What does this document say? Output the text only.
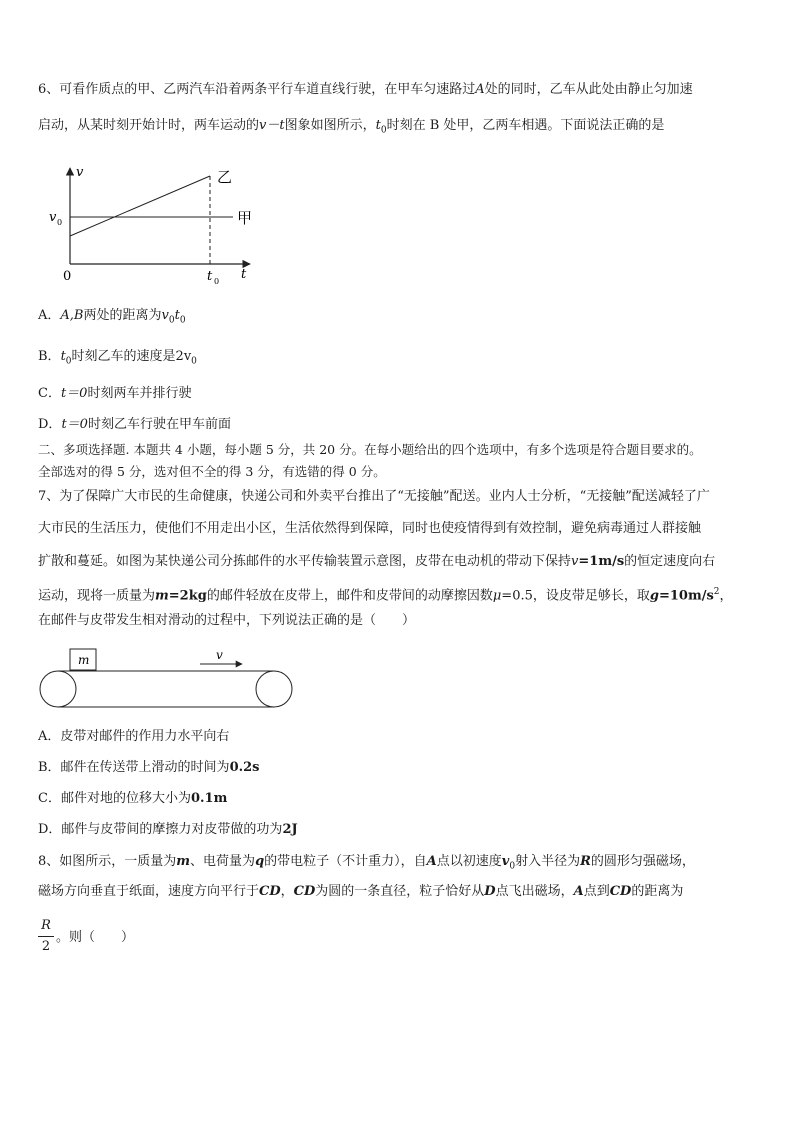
6、可看作质点的甲、乙两汽车沿着两条平行车道直线行驶，在甲车匀速路过A处的同时，乙车从此处由静止匀加速
启动，从某时刻开始计时，两车运动的v－t图象如图所示，$t_0$时刻在 B 处甲，乙两车相遇。下面说法正确的是
v
t
0
v 0
t 0
乙
甲
A．A,B两处的距离为$v_0t_0$
B．$t_0$时刻乙车的速度是$2v_0$
C．t＝0时刻两车并排行驶
D．t＝0时刻乙车行驶在甲车前面
二、多项选择题. 本题共 4 小题，每小题 5 分，共 20 分。在每小题给出的四个选项中，有多个选项是符合题目要求的。
全部选对的得 5 分，选对但不全的得 3 分，有选错的得 0 分。
7、为了保障广大市民的生命健康，快递公司和外卖平台推出了“无接触”配送。业内人士分析，“无接触”配送减轻了广
大市民的生活压力，使他们不用走出小区，生活依然得到保障，同时也使疫情得到有效控制，避免病毒通过人群接触
扩散和蔓延。如图为某快递公司分拣邮件的水平传输装置示意图，皮带在电动机的带动下保持v=1m/s的恒定速度向右
运动，现将一质量为m=2kg的邮件轻放在皮带上，邮件和皮带间的动摩擦因数μ=0.5，设皮带足够长，取$g=10m/s^2$，
在邮件与皮带发生相对滑动的过程中，下列说法正确的是（　　）
m	v
A．皮带对邮件的作用力水平向右
B．邮件在传送带上滑动的时间为0.2s
C．邮件对地的位移大小为0.1m
D．邮件与皮带间的摩擦力对皮带做的功为2J
8、如图所示，一质量为m、电荷量为q的带电粒子（不计重力），自A点以初速度$v_0$射入半径为R的圆形匀强磁场，
磁场方向垂直于纸面，速度方向平行于CD，CD为圆的一条直径，粒子恰好从D点飞出磁场，A点到CD的距离为
$\frac{R}{2}$ 。则（　　）
